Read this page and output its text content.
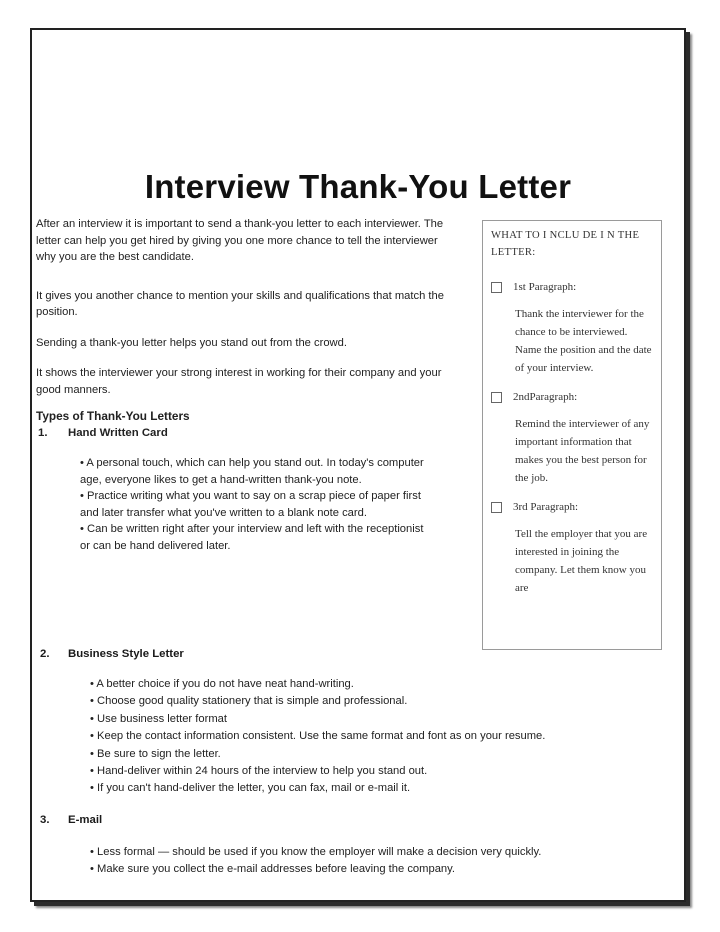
Interview Thank-You Letter

After an interview it is important to send a thank-you letter to each interviewer. The letter can help you get hired by giving you one more chance to tell the interviewer why you are the best candidate.

It gives you another chance to mention your skills and qualifications that match the position.

Sending a thank-you letter helps you stand out from the crowd.

It shows the interviewer your strong interest in working for their company and your good manners.

Types of Thank-You Letters

1.	Hand Written Card

• A personal touch, which can help you stand out. In today's computer age, everyone likes to get a hand-written thank-you note.

• Practice writing what you want to say on a scrap piece of paper first and later transfer what you've written to a blank note card.

• Can be written right after your interview and left with the receptionist or can be hand delivered later.

2.	Business Style Letter
• A better choice if you do not have neat hand-writing.
• Choose good quality stationery that is simple and professional.
• Use business letter format
• Keep the contact information consistent. Use the same format and font as on your resume.
• Be sure to sign the letter.
• Hand-deliver within 24 hours of the interview to help you stand out.
• If you can't hand-deliver the letter, you can fax, mail or e-mail it.
3.	E-mail
• Less formal — should be used if you know the employer will make a decision very quickly.
• Make sure you collect the e-mail addresses before leaving the company.
WHAT TO I NCLU DE I N THE LETTER:
1st Paragraph:
Thank the interviewer for the chance to be interviewed. Name the position and the date of your interview.
2ndParagraph:
Remind the interviewer of any important information that makes you the best person for the job.
3rd Paragraph:
Tell the employer that you are interested in joining the company. Let them know you are
